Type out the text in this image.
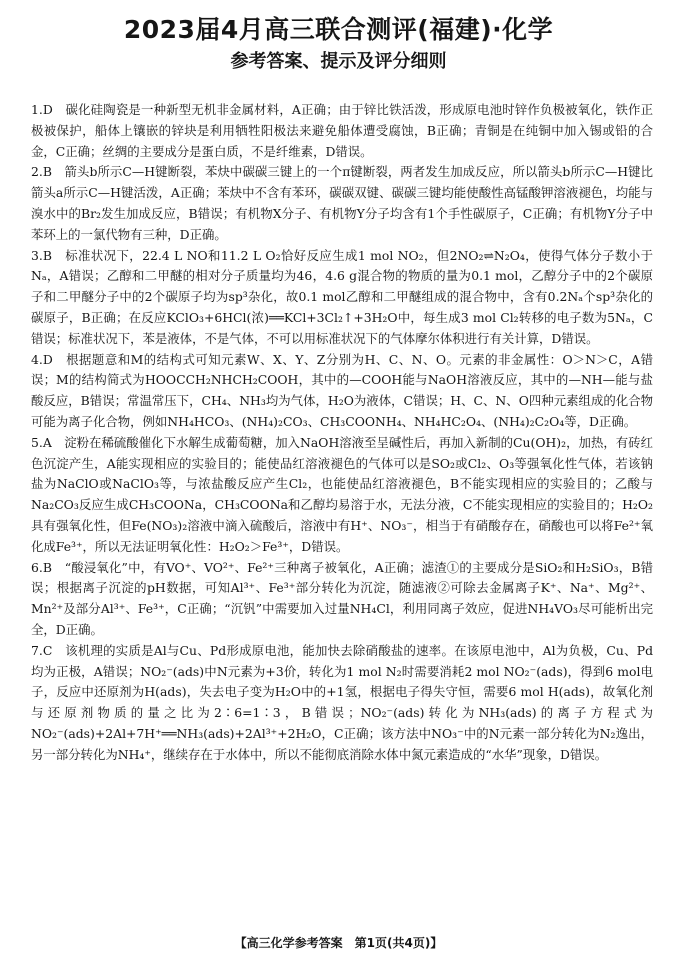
2023届4月高三联合测评(福建)·化学
参考答案、提示及评分细则

1.D　 碳化硅陶瓷是一种新型无机非金属材料，A正确；由于锌比铁活泼，形成原电池时锌作负极被氧化，铁作正极被保护，船体上镶嵌的锌块是利用牺牲阳极法来避免船体遭受腐蚀，B正确；青铜是在纯铜中加入锡或铅的合金，C正确；丝绸的主要成分是蛋白质，不是纤维素，D错误。

2.B　 箭头b所示C—H键断裂，苯炔中碳碳三键上的一个π键断裂，两者发生加成反应，所以箭头b所示C—H键比箭头a所示C—H键活泼，A正确；苯炔中不含有苯环，碳碳双键、碳碳三键均能使酸性高锰酸钾溶液褪色，均能与溴水中的Br₂发生加成反应，B错误；有机物X分子、有机物Y分子均含有1个手性碳原子，C正确；有机物Y分子中苯环上的一氯代物有三种，D正确。

3.B　 标准状况下，22.4 L NO和11.2 L O₂恰好反应生成1 mol NO₂，但2NO₂⇌N₂O₄，使得气体分子数小于Nₐ，A错误；乙醇和二甲醚的相对分子质量均为46，4.6 g混合物的物质的量为0.1 mol，乙醇分子中的2个碳原子和二甲醚分子中的2个碳原子均为sp³杂化，故0.1 mol乙醇和二甲醚组成的混合物中，含有0.2Nₐ个sp³杂化的碳原子，B正确；在反应KClO₃+6HCl(浓)══KCl+3Cl₂↑+3H₂O中，每生成3 mol Cl₂转移的电子数为5Nₐ，C错误；标准状况下，苯是液体，不是气体，不可以用标准状况下的气体摩尔体积进行有关计算，D错误。

4.D　 根据题意和M的结构式可知元素W、X、Y、Z分别为H、C、N、O。元素的非金属性：O＞N＞C，A错误；M的结构简式为HOOCCH₂NHCH₂COOH，其中的—COOH能与NaOH溶液反应，其中的—NH—能与盐酸反应，B错误；常温常压下，CH₄、NH₃均为气体，H₂O为液体，C错误；H、C、N、O四种元素组成的化合物可能为离子化合物，例如NH₄HCO₃、(NH₄)₂CO₃、CH₃COONH₄、NH₄HC₂O₄、(NH₄)₂C₂O₄等，D正确。

5.A　 淀粉在稀硫酸催化下水解生成葡萄糖，加入NaOH溶液至呈碱性后，再加入新制的Cu(OH)₂，加热，有砖红色沉淀产生，A能实现相应的实验目的；能使品红溶液褪色的气体可以是SO₂或Cl₂、O₃等强氧化性气体，若该钠盐为NaClO或NaClO₃等，与浓盐酸反应产生Cl₂，也能使品红溶液褪色，B不能实现相应的实验目的；乙酸与Na₂CO₃反应生成CH₃COONa，CH₃COONa和乙醇均易溶于水，无法分液，C不能实现相应的实验目的；H₂O₂具有强氧化性，但Fe(NO₃)₂溶液中滴入硫酸后，溶液中有H⁺、NO₃⁻，相当于有硝酸存在，硝酸也可以将Fe²⁺氧化成Fe³⁺，所以无法证明氧化性：H₂O₂＞Fe³⁺，D错误。

6.B　 “酸浸氧化”中，有VO⁺、VO²⁺、Fe²⁺三种离子被氧化，A正确；滤渣①的主要成分是SiO₂和H₂SiO₃，B错误；根据离子沉淀的pH数据，可知Al³⁺、Fe³⁺部分转化为沉淀，随滤液②可除去金属离子K⁺、Na⁺、Mg²⁺、Mn²⁺及部分Al³⁺、Fe³⁺，C正确；“沉钒”中需要加入过量NH₄Cl，利用同离子效应，促进NH₄VO₃尽可能析出完全，D正确。

7.C　 该机理的实质是Al与Cu、Pd形成原电池，能加快去除硝酸盐的速率。在该原电池中，Al为负极，Cu、Pd均为正极，A错误；NO₂⁻(ads)中N元素为+3价，转化为1 mol N₂时需要消耗2 mol NO₂⁻(ads)，得到6 mol电子，反应中还原剂为H(ads)，失去电子变为H₂O中的+1氢，根据电子得失守恒，需要6 mol H(ads)，故氧化剂与还原剂物质的量之比为2∶6=1∶3，B错误；NO₂⁻(ads)转化为NH₃(ads)的离子方程式为NO₂⁻(ads)+2Al+7H⁺══NH₃(ads)+2Al³⁺+2H₂O，C正确；该方法中NO₃⁻中的N元素一部分转化为N₂逸出，另一部分转化为NH₄⁺，继续存在于水体中，所以不能彻底消除水体中氮元素造成的“水华”现象，D错误。

【高三化学参考答案　第1页(共4页)】
